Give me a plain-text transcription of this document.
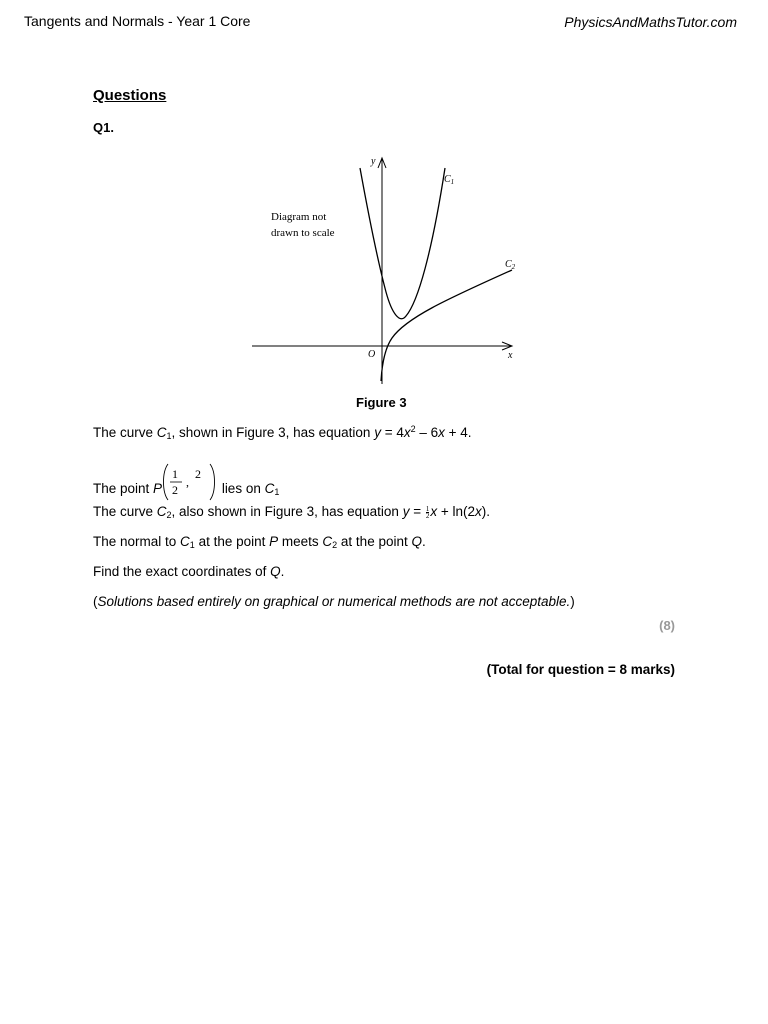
Tangents and Normals - Year 1 Core	PhysicsAndMathsTutor.com
Questions
Q1.
y
x
O
$C_1$
$C_2$
Diagram not
drawn to scale
Figure 3
The curve $C_1$, shown in Figure 3, has equation $y = 4x^2 - 6x + 4$.
The point P
1
2
,
2
lies on $C_1$
The curve $C_2$, also shown in Figure 3, has equation $y = \frac{1}{2}$ x + ln(2x).
The normal to $C_1$ at the point P meets $C_2$ at the point Q.
Find the exact coordinates of Q.
(Solutions based entirely on graphical or numerical methods are not acceptable.)
(8)
(Total for question = 8 marks)
